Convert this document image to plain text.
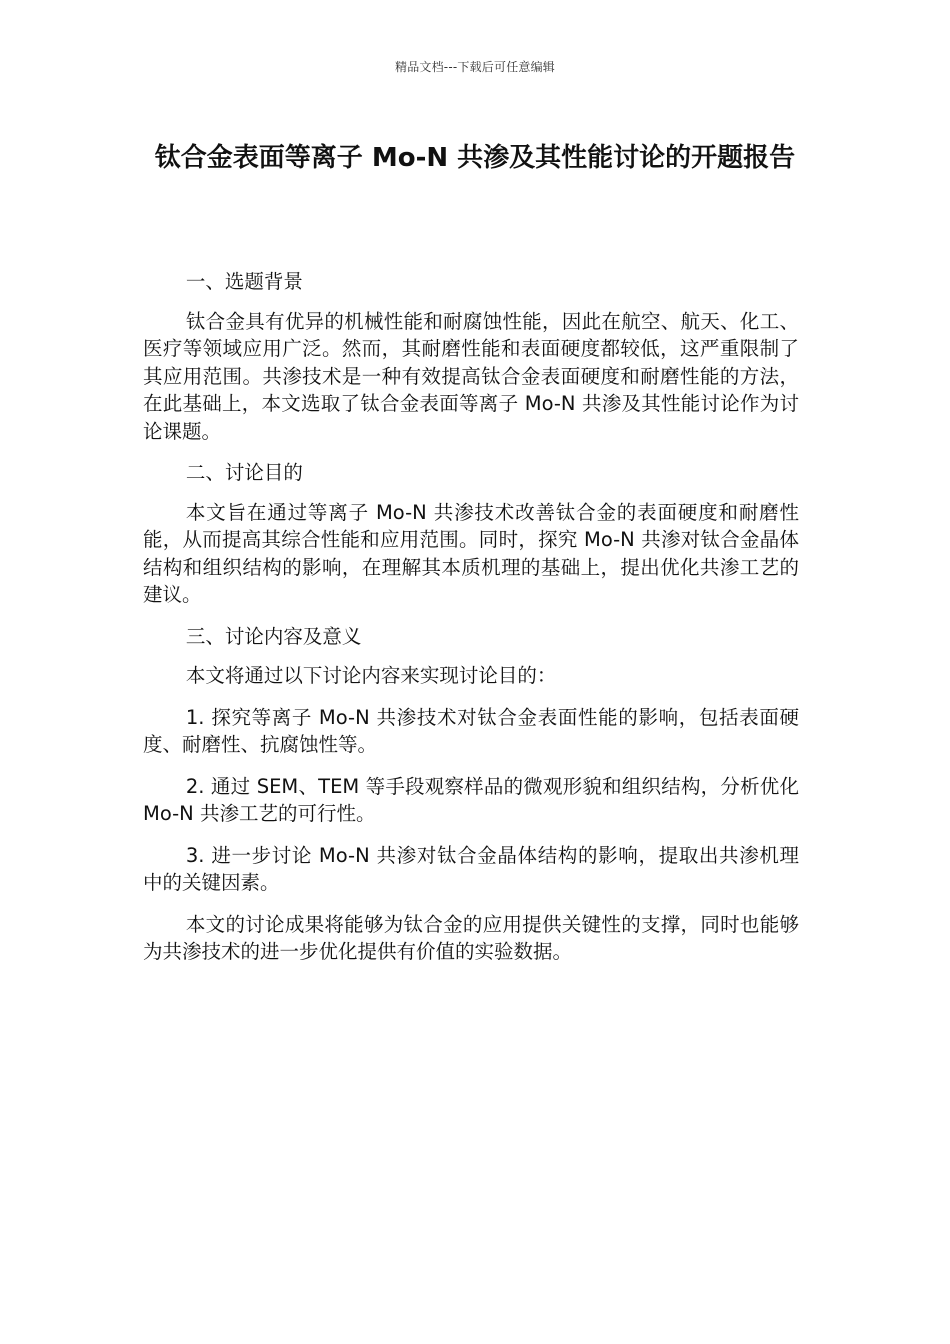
精品文档---下载后可任意编辑
钛合金表面等离子 Mo-N 共渗及其性能讨论的开题报告

一、选题背景

钛合金具有优异的机械性能和耐腐蚀性能，因此在航空、航天、化工、医疗等领域应用广泛。然而，其耐磨性能和表面硬度都较低，这严重限制了其应用范围。共渗技术是一种有效提高钛合金表面硬度和耐磨性能的方法，在此基础上，本文选取了钛合金表面等离子 Mo-N 共渗及其性能讨论作为讨论课题。

二、讨论目的

本文旨在通过等离子 Mo-N 共渗技术改善钛合金的表面硬度和耐磨性能，从而提高其综合性能和应用范围。同时，探究 Mo-N 共渗对钛合金晶体结构和组织结构的影响，在理解其本质机理的基础上，提出优化共渗工艺的建议。

三、讨论内容及意义

本文将通过以下讨论内容来实现讨论目的：

1. 探究等离子 Mo-N 共渗技术对钛合金表面性能的影响，包括表面硬度、耐磨性、抗腐蚀性等。

2. 通过 SEM、TEM 等手段观察样品的微观形貌和组织结构，分析优化 Mo-N 共渗工艺的可行性。

3. 进一步讨论 Mo-N 共渗对钛合金晶体结构的影响，提取出共渗机理中的关键因素。

本文的讨论成果将能够为钛合金的应用提供关键性的支撑，同时也能够为共渗技术的进一步优化提供有价值的实验数据。
